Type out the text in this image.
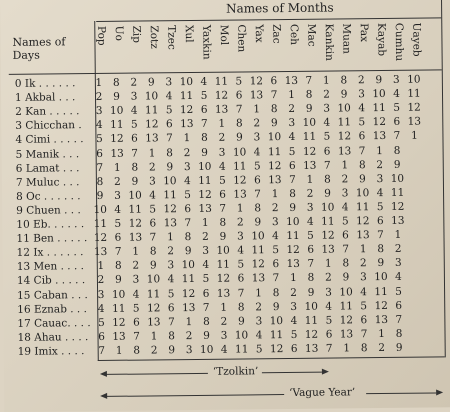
Names of Months
Names of Days
Pop Uo Zip Zotz Tzec Xul Yaxkin Mol Chen Yax Zac Ceh Mac Kankin Muan Pax Kayab Cumhu Uayeb
0 Ik . . . . . .	1	8	2	9	3 10 4 11 5 12 6 13 7	1	8	2	9	3 10
1 Akbal . . .	2	9	3 10 4 11 5 12 6 13 7	1	8	2	9	3 10 4 11
2 Kan . . . . .	3 10 4 11 5 12 6 13 7	1	8	2	9	3 10 4 11 5 12
3 Chicchan .	4 11 5 12 6 13 7	1	8	2	9	3 10 4 11 5 12 6 13
4 Cimi . . . . .	5 12 6 13 7	1	8	2	9	3 10 4 11 5 12 6 13 7	1
5 Manik . . .	6 13 7	1	8	2	9	3 10 4 11 5 12 6 13 7	1	8
6 Lamat . . .	7	1	8	2	9	3 10 4 11 5 12 6 13 7	1	8	2	9
7 Muluc . . .	8	2	9	3 10 4 11 5 12 6 13 7	1	8	2	9	3 10
8 Oc . . . . . .	9	3 10 4 11 5 12 6 13 7	1	8	2	9	3 10 4 11
9 Chuen . . . 10 4 11 5 12 6 13 7	1	8	2	9	3 10 4 11 5 12
10 Eb. . . . . . 11 5 12 6 13 7	1	8	2	9	3 10 4 11 5 12 6 13
11 Ben . . . . . 12 6 13 7	1	8	2	9	3 10 4 11 5 12 6 13 7	1
12 Ix . . . . . . 13 7	1	8	2	9	3 10 4 11 5 12 6 13 7	1	8	2
13 Men . . . .	1	8	2	9	3 10 4 11 5 12 6 13 7	1	8	2	9	3
14 Cib . . . . .	2	9	3 10 4 11 5 12 6 13 7	1	8	2	9	3 10 4
15 Caban . . . 3 10 4 11 5 12 6 13 7	1	8	2	9	3 10 4 11 5
16 Eznab . . .	4 11 5 12 6 13 7	1	8	2	9	3 10 4 11 5 12 6
17 Cauac. . . . 5 12 6 13 7	1	8	2	9	3 10 4 11 5 12 6 13 7
18 Ahau . . . . 6 13 7	1	8	2	9	3 10 4 11 5 12 6 13 7	1	8
19 Imix . . . .	7	1	8	2	9	3 10 4 11 5 12 6 13 7	1	8	2	9
‘Tzolkin’
‘Vague Year’
